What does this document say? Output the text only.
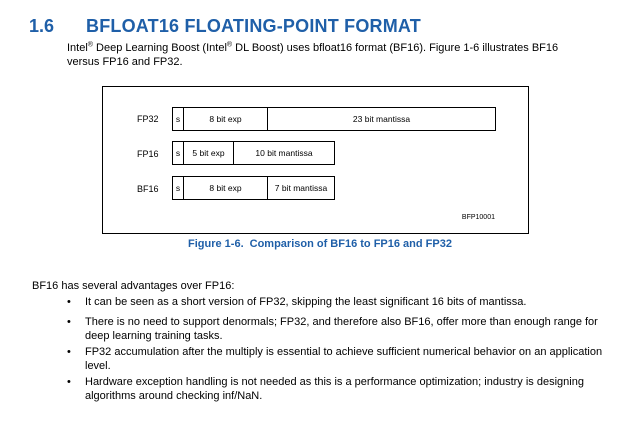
1.6 BFLOAT16 FLOATING-POINT FORMAT
Intel® Deep Learning Boost (Intel® DL Boost) uses bfloat16 format (BF16). Figure 1-6 illustrates BF16 versus FP16 and FP32.
FP32	s	8 bit exp	23 bit mantissa
FP16	s	5 bit exp	10 bit mantissa
BF16	s	8 bit exp	7 bit mantissa
BFP10001
Figure 1-6. Comparison of BF16 to FP16 and FP32
BF16 has several advantages over FP16:
• It can be seen as a short version of FP32, skipping the least significant 16 bits of mantissa.
• There is no need to support denormals; FP32, and therefore also BF16, offer more than enough range for deep learning training tasks.
• FP32 accumulation after the multiply is essential to achieve sufficient numerical behavior on an application level.
• Hardware exception handling is not needed as this is a performance optimization; industry is designing algorithms around checking inf/NaN.
